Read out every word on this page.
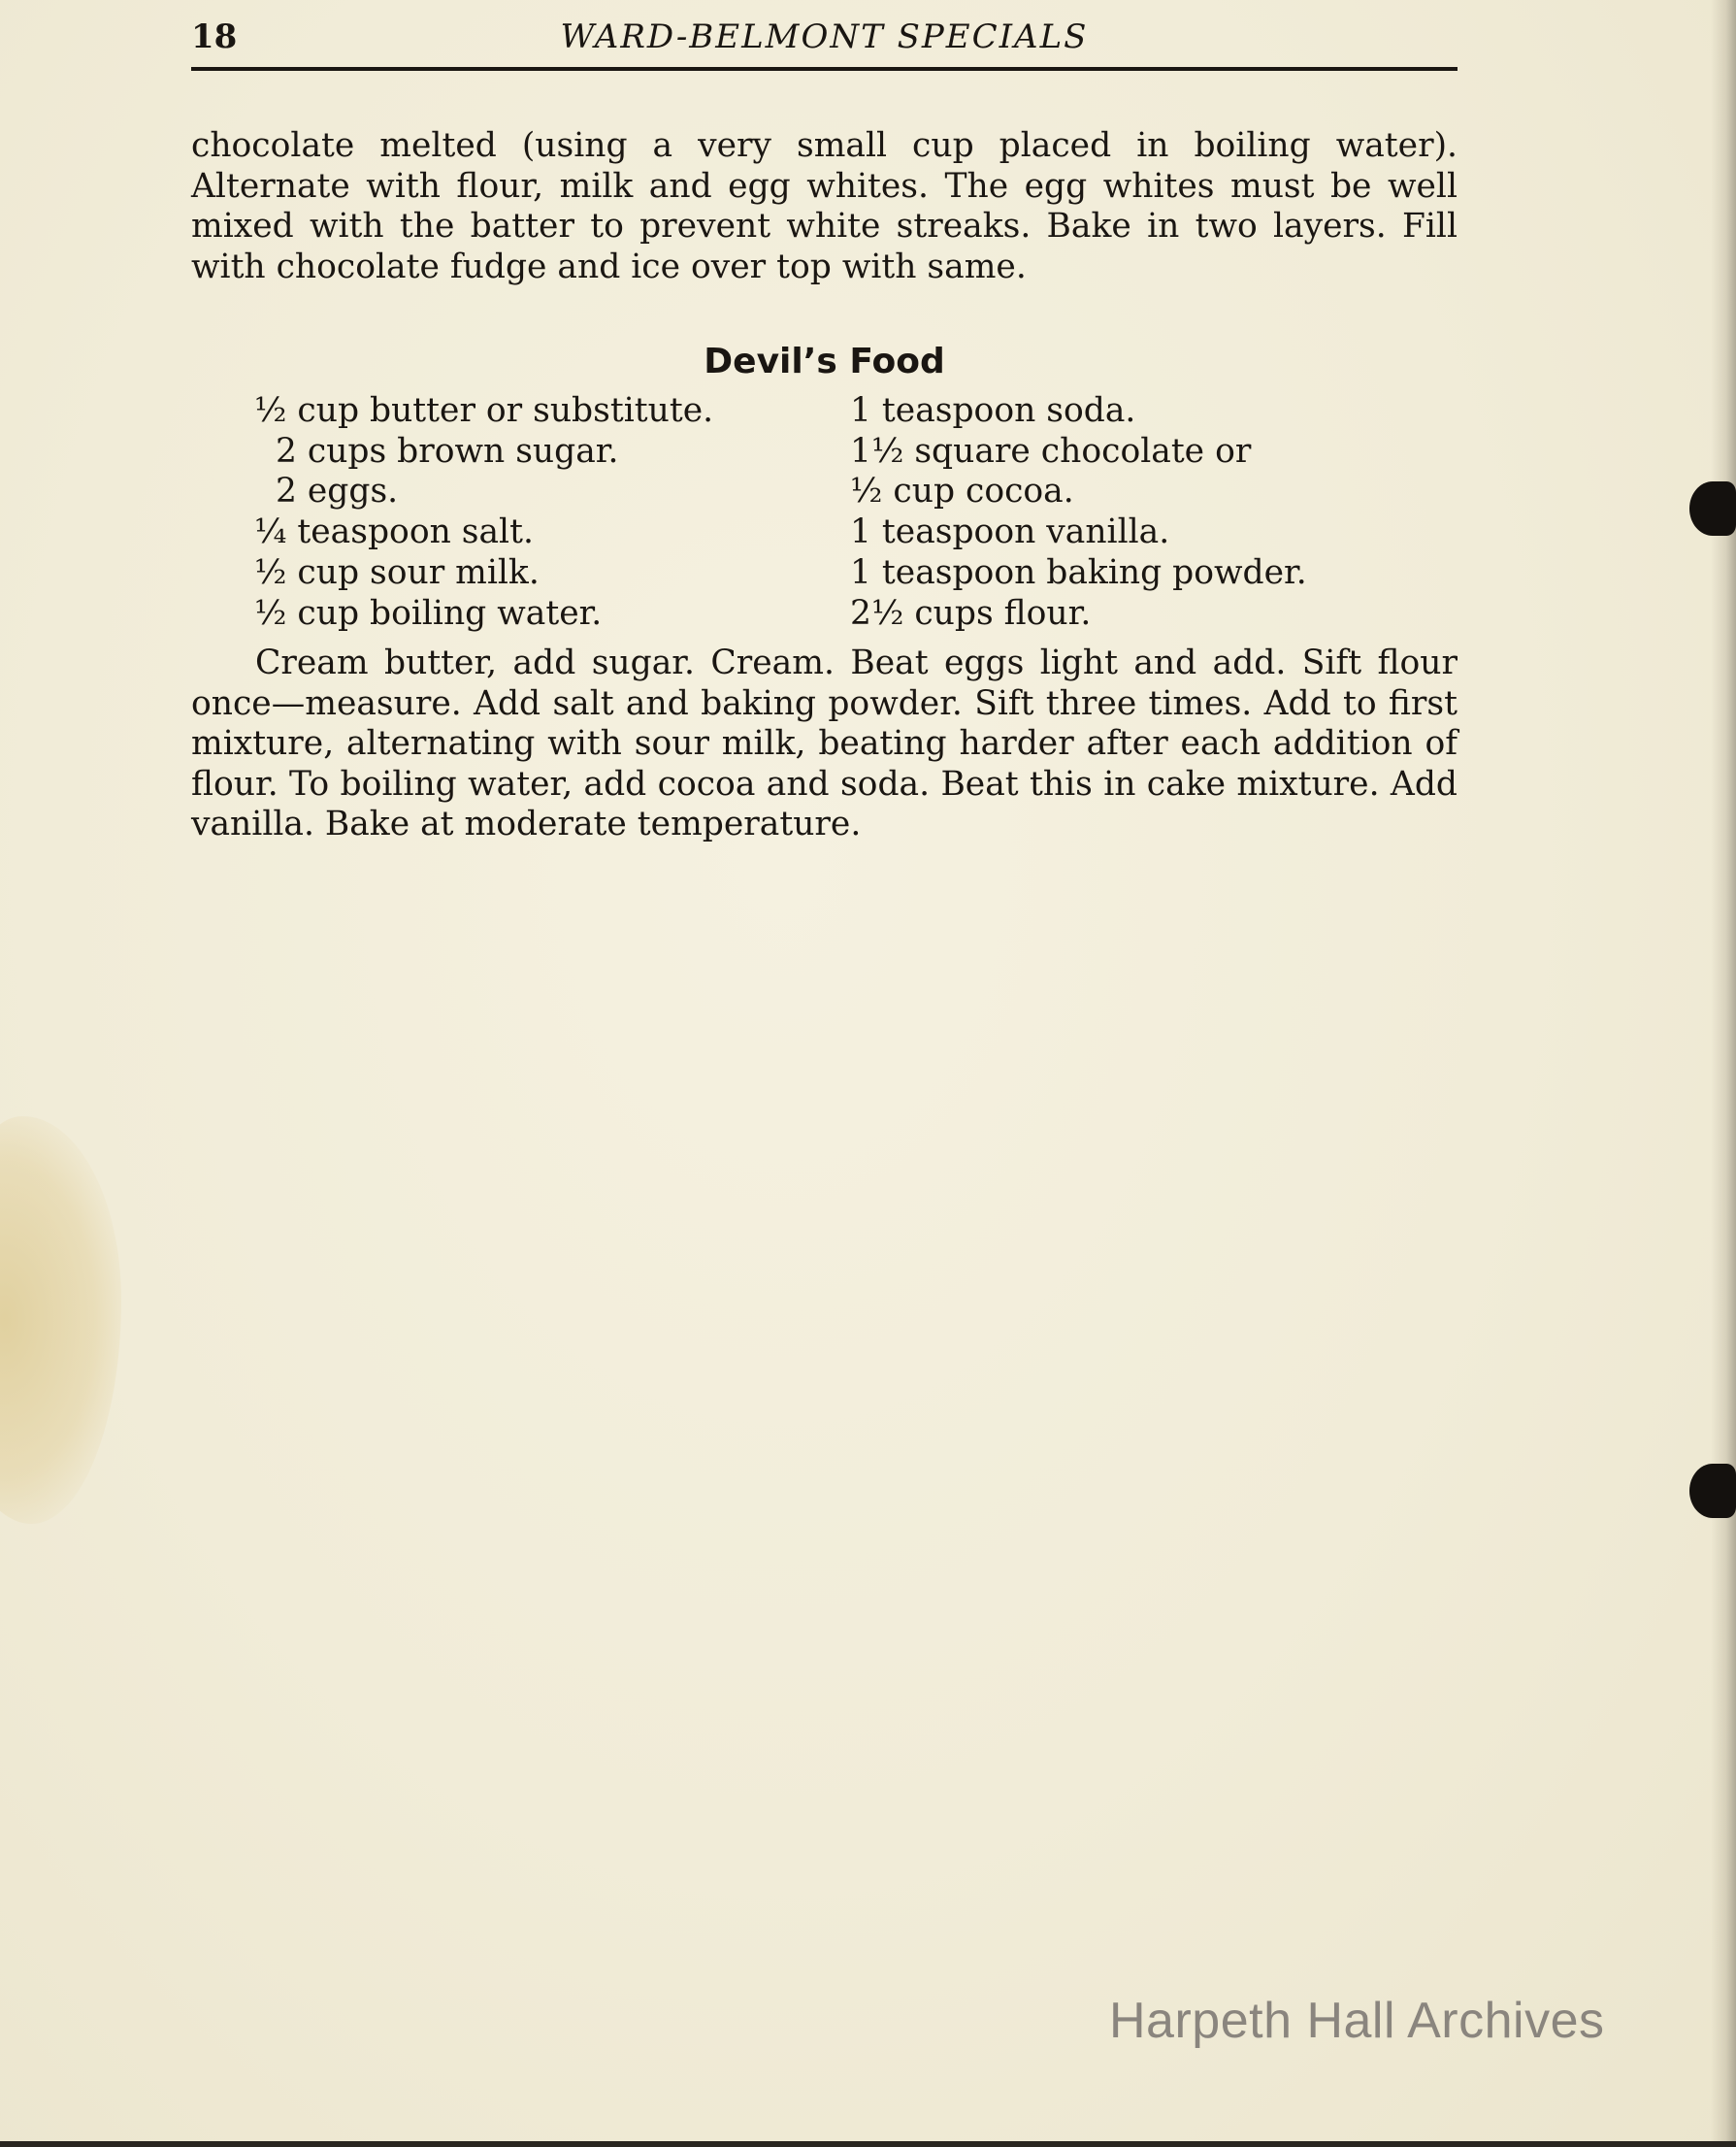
18	WARD-BELMONT SPECIALS
chocolate melted (using a very small cup placed in boiling water). Alternate with flour, milk and egg whites. The egg whites must be well mixed with the batter to prevent white streaks. Bake in two layers. Fill with chocolate fudge and ice over top with same.
Devil’s Food
½ cup butter or substitute.
 2 cups brown sugar.
 2 eggs.
¼ teaspoon salt.
½ cup sour milk.
½ cup boiling water.
1 teaspoon soda.
1½ square chocolate or
½ cup cocoa.
1 teaspoon vanilla.
1 teaspoon baking powder.
2½ cups flour.
Cream butter, add sugar. Cream. Beat eggs light and add. Sift flour once—measure. Add salt and baking powder. Sift three times. Add to first mixture, alternating with sour milk, beating harder after each addition of flour. To boiling water, add cocoa and soda. Beat this in cake mixture. Add vanilla. Bake at moderate temperature.
Harpeth Hall Archives
